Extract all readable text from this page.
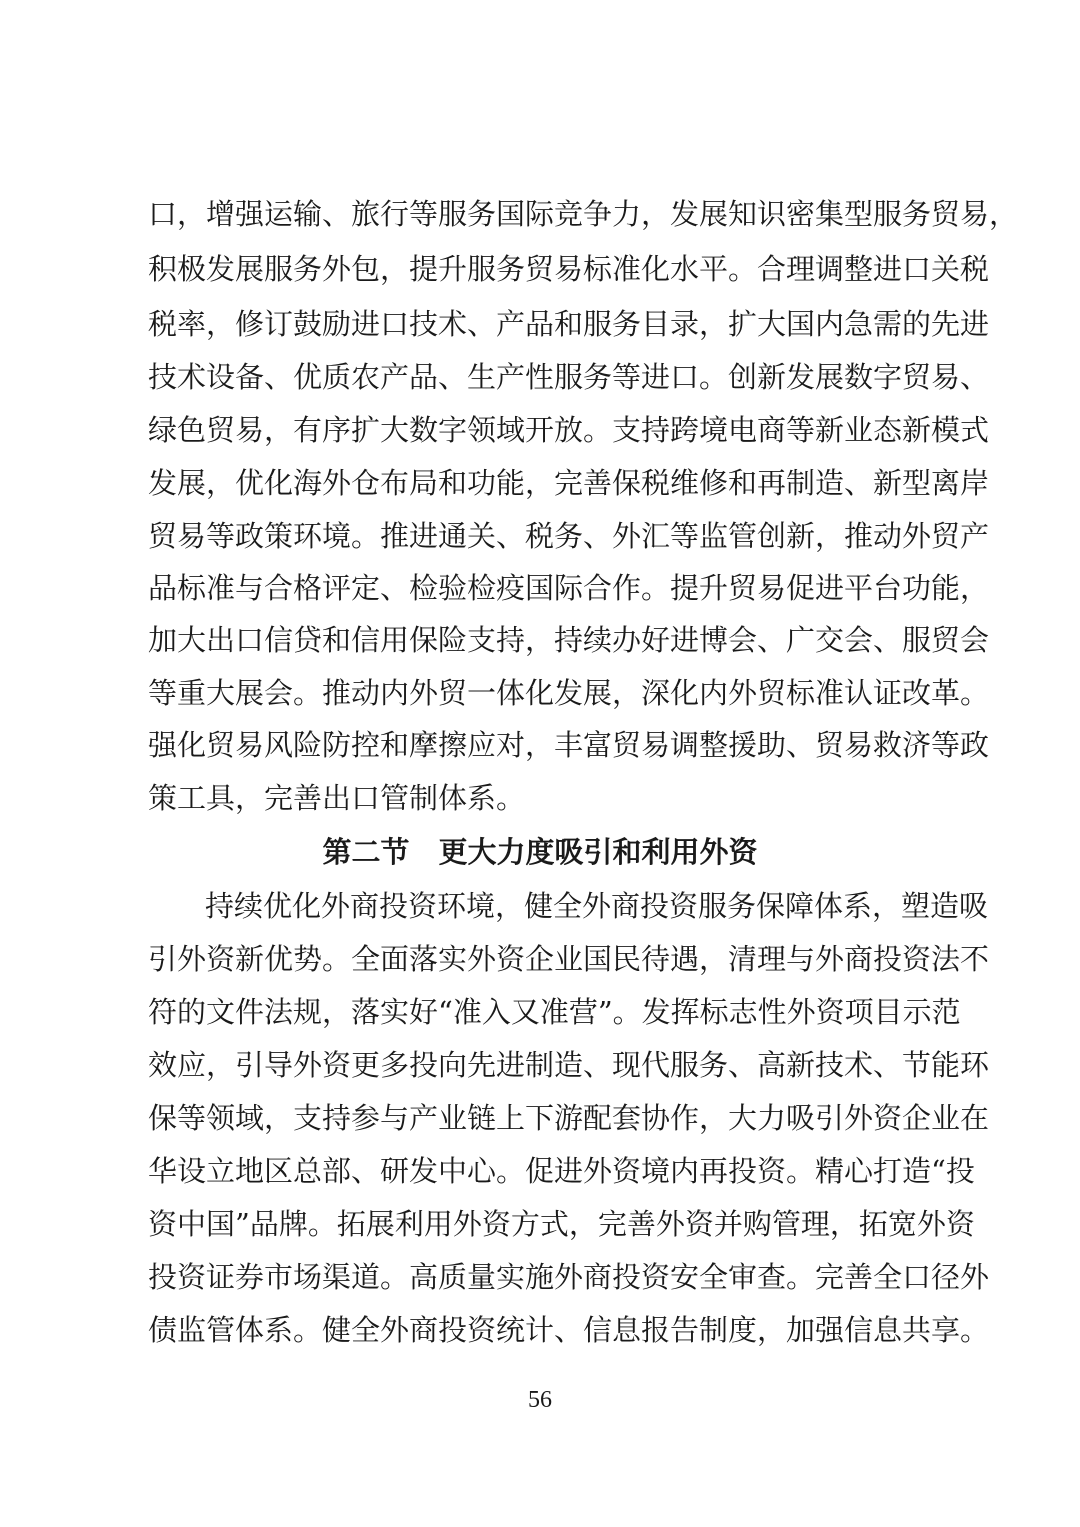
口，增强运输、旅行等服务国际竞争力，发展知识密集型服务贸易，
积极发展服务外包，提升服务贸易标准化水平。合理调整进口关税
税率，修订鼓励进口技术、产品和服务目录，扩大国内急需的先进
技术设备、优质农产品、生产性服务等进口。创新发展数字贸易、
绿色贸易，有序扩大数字领域开放。支持跨境电商等新业态新模式
发展，优化海外仓布局和功能，完善保税维修和再制造、新型离岸
贸易等政策环境。推进通关、税务、外汇等监管创新，推动外贸产
品标准与合格评定、检验检疫国际合作。提升贸易促进平台功能，
加大出口信贷和信用保险支持，持续办好进博会、广交会、服贸会
等重大展会。推动内外贸一体化发展，深化内外贸标准认证改革。
强化贸易风险防控和摩擦应对，丰富贸易调整援助、贸易救济等政
策工具，完善出口管制体系。
第二节　更大力度吸引和利用外资
持续优化外商投资环境，健全外商投资服务保障体系，塑造吸
引外资新优势。全面落实外资企业国民待遇，清理与外商投资法不
符的文件法规，落实好“准入又准营”。发挥标志性外资项目示范
效应，引导外资更多投向先进制造、现代服务、高新技术、节能环
保等领域，支持参与产业链上下游配套协作，大力吸引外资企业在
华设立地区总部、研发中心。促进外资境内再投资。精心打造“投
资中国”品牌。拓展利用外资方式，完善外资并购管理，拓宽外资
投资证券市场渠道。高质量实施外商投资安全审查。完善全口径外
债监管体系。健全外商投资统计、信息报告制度，加强信息共享。
56
